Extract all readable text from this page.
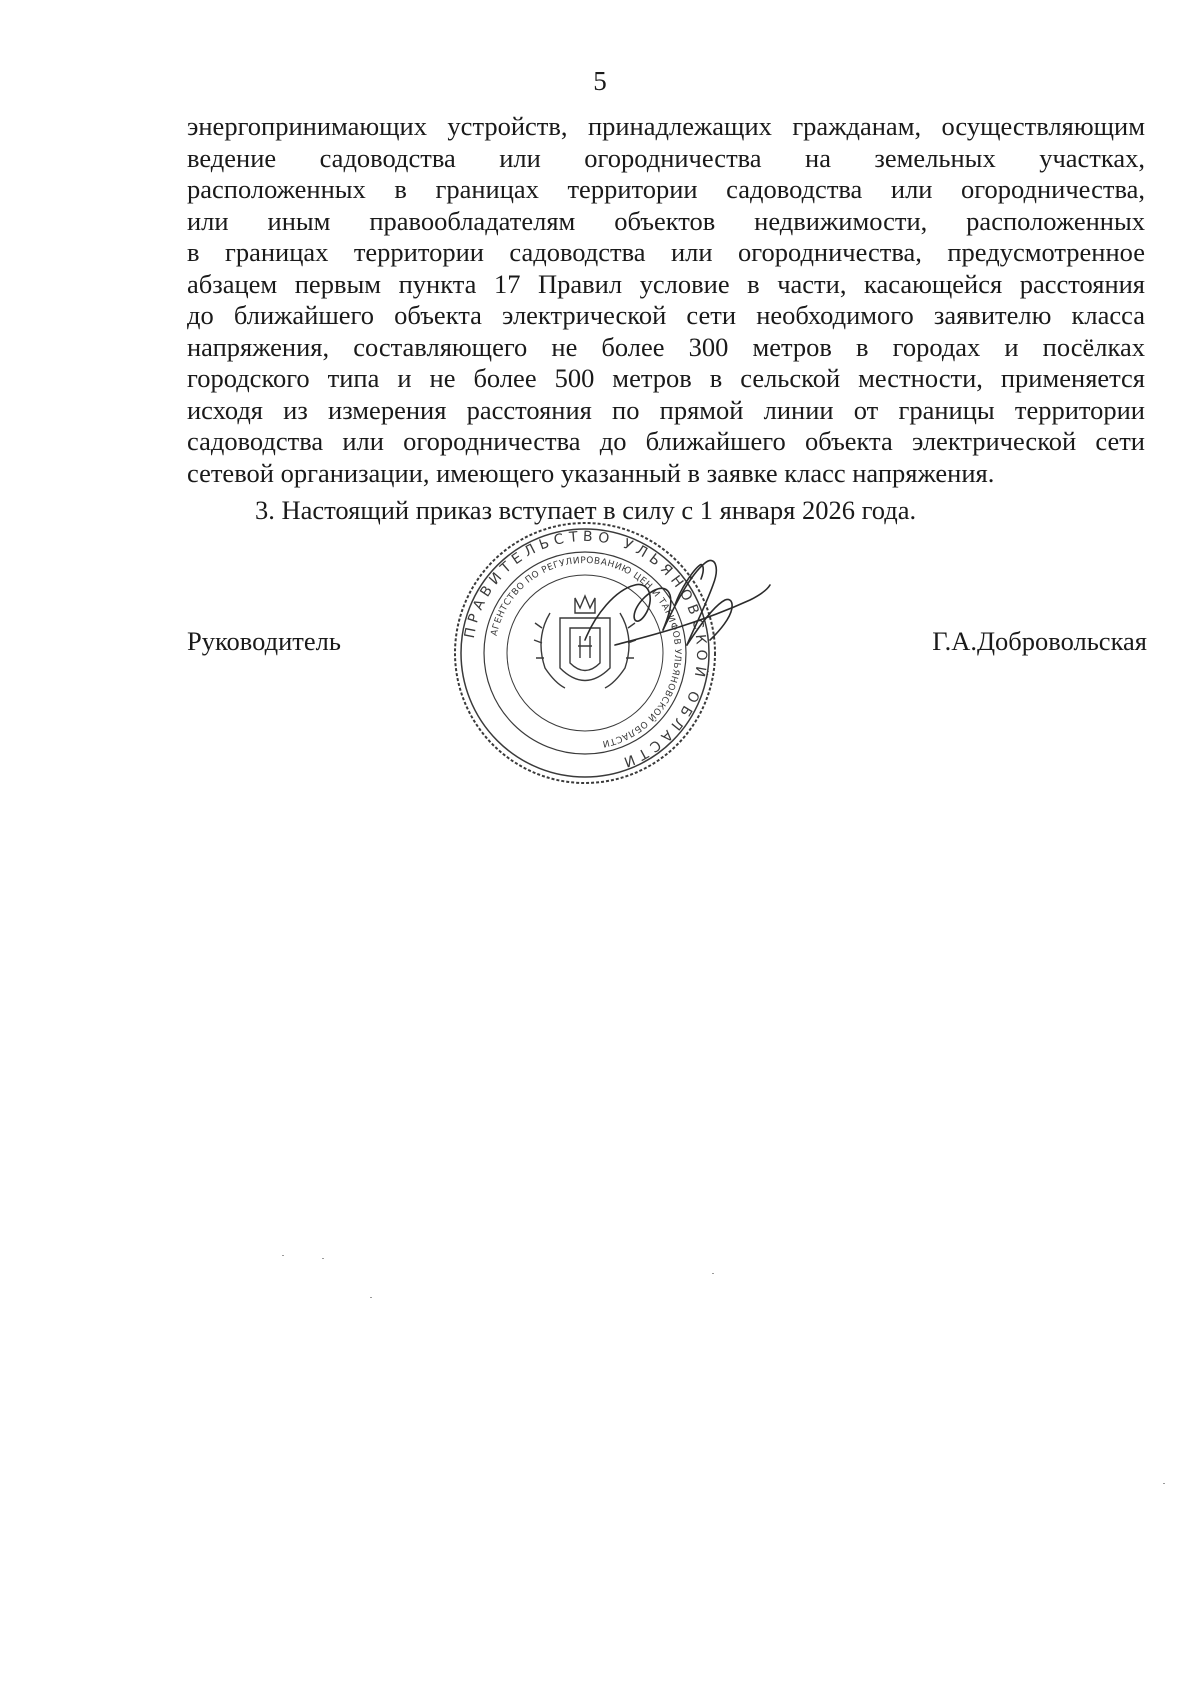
5
энергопринимающих устройств, принадлежащих гражданам, осуществляющим
ведение садоводства или огородничества на земельных участках,
расположенных в границах территории садоводства или огородничества,
или иным правообладателям объектов недвижимости, расположенных
в границах территории садоводства или огородничества, предусмотренное
абзацем первым пункта 17 Правил условие в части, касающейся расстояния
до ближайшего объекта электрической сети необходимого заявителю класса
напряжения, составляющего не более 300 метров в городах и посёлках
городского типа и не более 500 метров в сельской местности, применяется
исходя из измерения расстояния по прямой линии от границы территории
садоводства или огородничества до ближайшего объекта электрической сети
сетевой организации, имеющего указанный в заявке класс напряжения.
3. Настоящий приказ вступает в силу с 1 января 2026 года.
Руководитель	Г.А.Добровольская
ПРАВИТЕЛЬСТВО УЛЬЯНОВСКОЙ ОБЛАСТИ
АГЕНТСТВО ПО РЕГУЛИРОВАНИЮ ЦЕН И ТАРИФОВ УЛЬЯНОВСКОЙ ОБЛАСТИ
